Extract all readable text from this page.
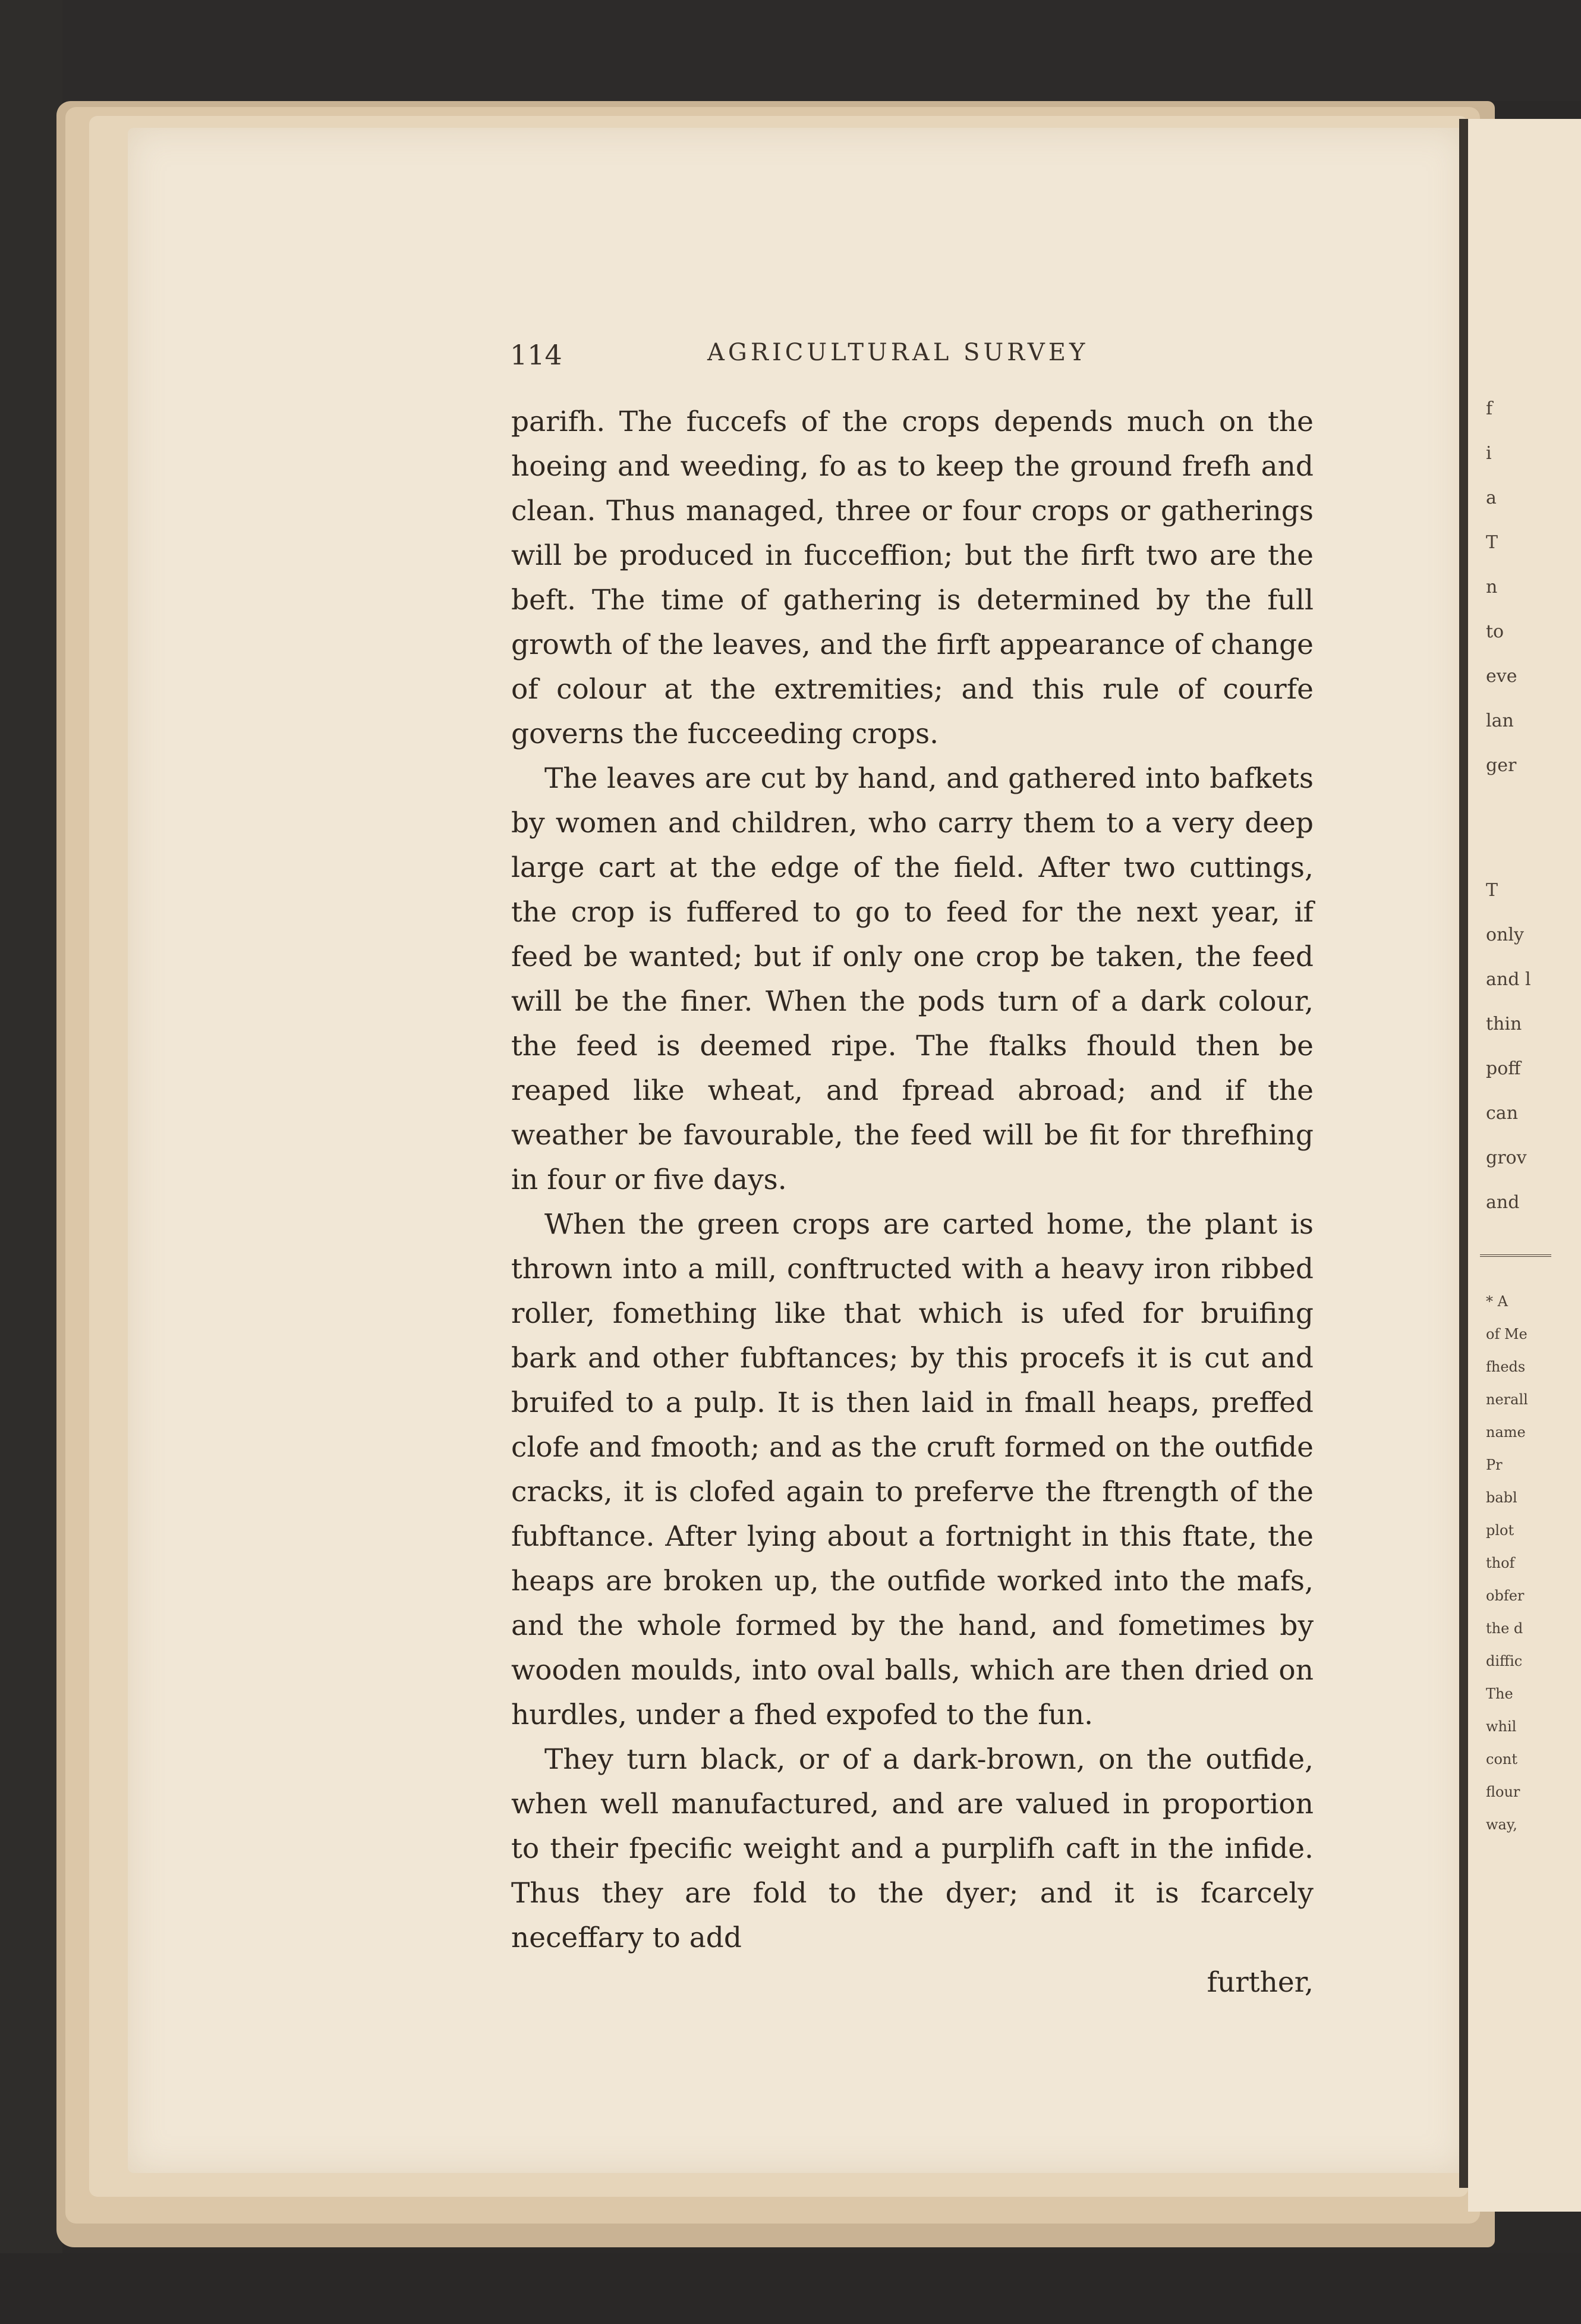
114	AGRICULTURAL SURVEY

parifh. The fuccefs of the crops depends much on the hoeing and weeding, fo as to keep the ground frefh and clean. Thus managed, three or four crops or gatherings will be produced in fucceffion; but the firft two are the beft. The time of gathering is determined by the full growth of the leaves, and the firft appearance of change of colour at the extremities; and this rule of courfe governs the fucceeding crops.

The leaves are cut by hand, and gathered into bafkets by women and children, who carry them to a very deep large cart at the edge of the field. After two cuttings, the crop is fuffered to go to feed for the next year, if feed be wanted; but if only one crop be taken, the feed will be the finer. When the pods turn of a dark colour, the feed is deemed ripe. The ftalks fhould then be reaped like wheat, and fpread abroad; and if the weather be favourable, the feed will be fit for threfhing in four or five days.

When the green crops are carted home, the plant is thrown into a mill, conftructed with a heavy iron ribbed roller, fomething like that which is ufed for bruifing bark and other fubftances; by this procefs it is cut and bruifed to a pulp. It is then laid in fmall heaps, preffed clofe and fmooth; and as the cruft formed on the outfide cracks, it is clofed again to preferve the ftrength of the fubftance. After lying about a fortnight in this ftate, the heaps are broken up, the outfide worked into the mafs, and the whole formed by the hand, and fometimes by wooden moulds, into oval balls, which are then dried on hurdles, under a fhed expofed to the fun.

They turn black, or of a dark-brown, on the outfide, when well manufactured, and are valued in proportion to their fpecific weight and a purplifh caft in the infide. Thus they are fold to the dyer; and it is fcarcely neceffary to add

further,
f
i
a
T
n
to
eve
lan
ger
T
only
and l
thin
poff
can
grov
and
* A
of Me
fheds
nerall
name
Pr
babl
plot
thof
obfer
the d
diffic
The
whil
cont
flour
way,
